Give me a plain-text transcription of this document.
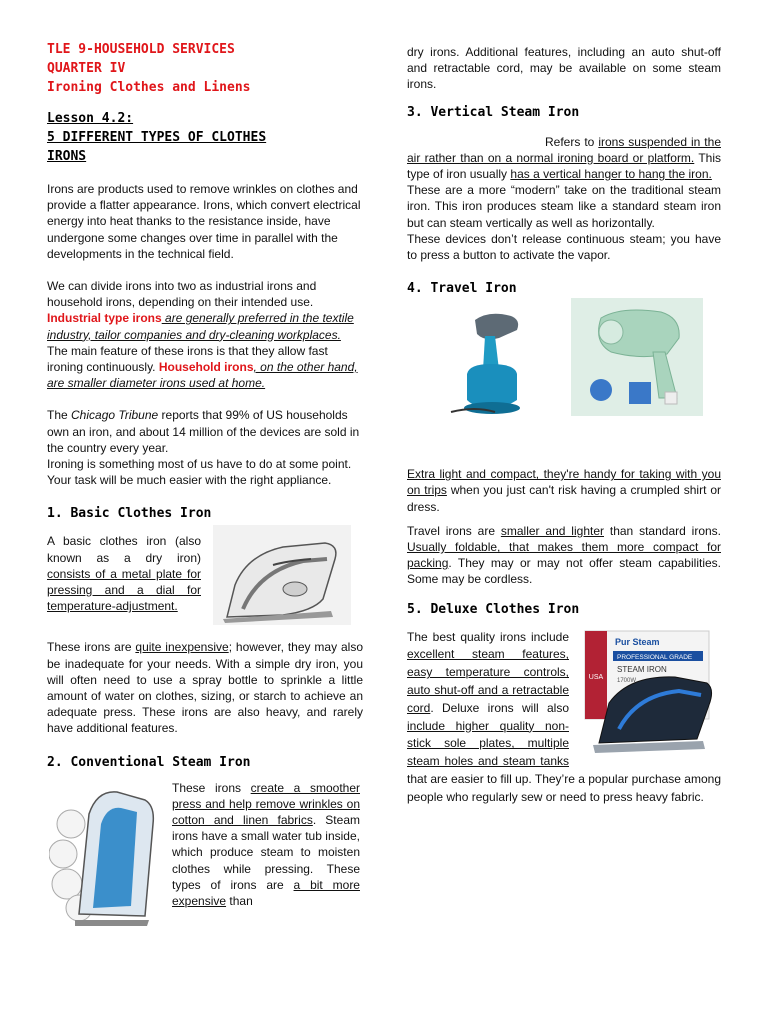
TLE 9-HOUSEHOLD SERVICES
QUARTER IV
Ironing Clothes and Linens
Lesson 4.2:
5 DIFFERENT TYPES OF CLOTHES
IRONS

Irons are products used to remove wrinkles on clothes and provide a flatter appearance. Irons, which convert electrical energy into heat thanks to the resistance inside, have undergone some changes over time in parallel with the developments in the technical field.

We can divide irons into two as industrial irons and household irons, depending on their intended use.
Industrial type irons are generally preferred in the textile industry, tailor companies and dry-cleaning workplaces. The main feature of these irons is that they allow fast ironing continuously. Household irons, on the other hand, are smaller diameter irons used at home.

The Chicago Tribune reports that 99% of US households own an iron, and about 14 million of the devices are sold in the country every year.

Ironing is something most of us have to do at some point. Your task will be much easier with the right appliance.

1. Basic Clothes Iron

A basic clothes iron (also known as a dry iron) consists of a metal plate for pressing and a dial for temperature-adjustment.

These irons are quite inexpensive; however, they may also be inadequate for your needs. With a simple dry iron, you will often need to use a spray bottle to sprinkle a little amount of water on clothes, sizing, or starch to achieve an adequate press. These irons are also heavy, and rarely have additional features.

2. Conventional Steam Iron

These irons create a smoother press and help remove wrinkles on cotton and linen fabrics. Steam irons have a small water tub inside, which produce steam to moisten clothes while pressing. These types of irons are a bit more expensive than

dry irons. Additional features, including an auto shut-off and retractable cord, may be available on some steam irons.

3. Vertical Steam Iron

Refers to irons suspended in the air rather than on a normal ironing board or platform. This type of iron usually has a vertical hanger to hang the iron.

These are a more “modern” take on the traditional steam iron. This iron produces steam like a standard steam iron but can steam vertically as well as horizontally.

These devices don’t release continuous steam; you have to press a button to activate the vapor.

4. Travel Iron

Extra light and compact, they're handy for taking with you on trips when you just can't risk having a crumpled shirt or dress.

Travel irons are smaller and lighter than standard irons. Usually foldable, that makes them more compact for packing. They may or may not offer steam capabilities. Some may be cordless.

5. Deluxe Clothes Iron
USA
Pur Steam
PROFESSIONAL GRADE
STEAM IRON
1700W

The best quality irons include excellent steam features, easy temperature controls, auto shut-off and a retractable cord. Deluxe irons will also include higher quality non-stick sole plates, multiple steam holes and steam tanks that are easier to fill up. They’re a popular purchase among people who regularly sew or need to press heavy fabric.
